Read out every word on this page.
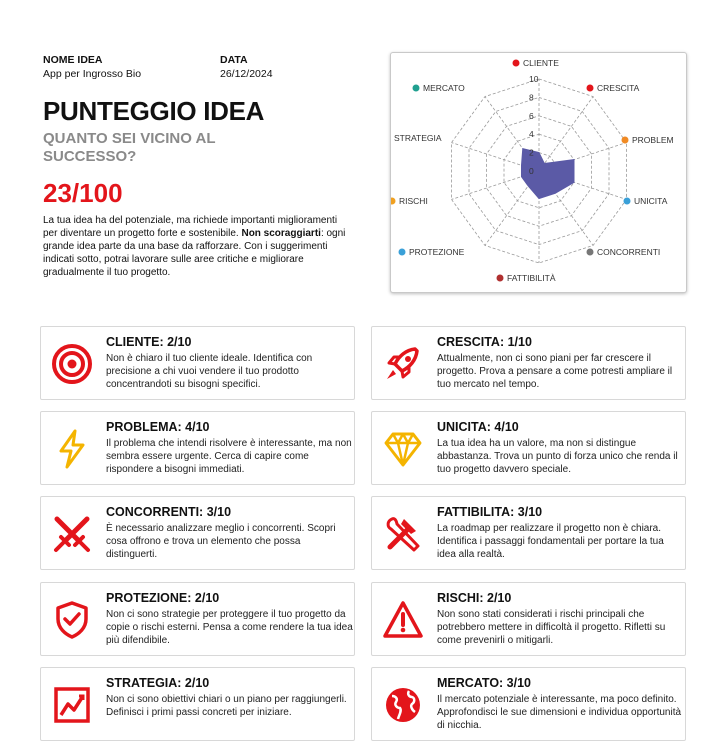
NOME IDEA
App per Ingrosso Bio
DATA
26/12/2024
PUNTEGGIO IDEA
QUANTO SEI VICINO AL SUCCESSO?
23/100
La tua idea ha del potenziale, ma richiede importanti miglioramenti per diventare un progetto forte e sostenibile. Non scoraggiarti: ogni grande idea parte da una base da rafforzare. Con i suggerimenti indicati sotto, potrai lavorare sulle aree critiche e migliorare gradualmente il tuo progetto.
0
2
4
6
8
10
CLIENTE
CRESCITA
PROBLEM
UNICITA
CONCORRENTI
FATTIBILITÀ
PROTEZIONE
RISCHI
STRATEGIA
MERCATO
CLIENTE: 2/10
Non è chiaro il tuo cliente ideale. Identifica con precisione a chi vuoi vendere il tuo prodotto concentrandoti su bisogni specifici.
CRESCITA: 1/10
Attualmente, non ci sono piani per far crescere il progetto. Prova a pensare a come potresti ampliare il tuo mercato nel tempo.
PROBLEMA: 4/10
Il problema che intendi risolvere è interessante, ma non sembra essere urgente. Cerca di capire come rispondere a bisogni immediati.
UNICITA: 4/10
La tua idea ha un valore, ma non si distingue abbastanza. Trova un punto di forza unico che renda il tuo progetto davvero speciale.
CONCORRENTI: 3/10
È necessario analizzare meglio i concorrenti. Scopri cosa offrono e trova un elemento che possa distinguerti.
FATTIBILITA: 3/10
La roadmap per realizzare il progetto non è chiara. Identifica i passaggi fondamentali per portare la tua idea alla realtà.
PROTEZIONE: 2/10
Non ci sono strategie per proteggere il tuo progetto da copie o rischi esterni. Pensa a come rendere la tua idea più difendibile.
RISCHI: 2/10
Non sono stati considerati i rischi principali che potrebbero mettere in difficoltà il progetto. Rifletti su come prevenirli o mitigarli.
STRATEGIA: 2/10
Non ci sono obiettivi chiari o un piano per raggiungerli. Definisci i primi passi concreti per iniziare.
MERCATO: 3/10
Il mercato potenziale è interessante, ma poco definito. Approfondisci le sue dimensioni e individua opportunità di nicchia.
